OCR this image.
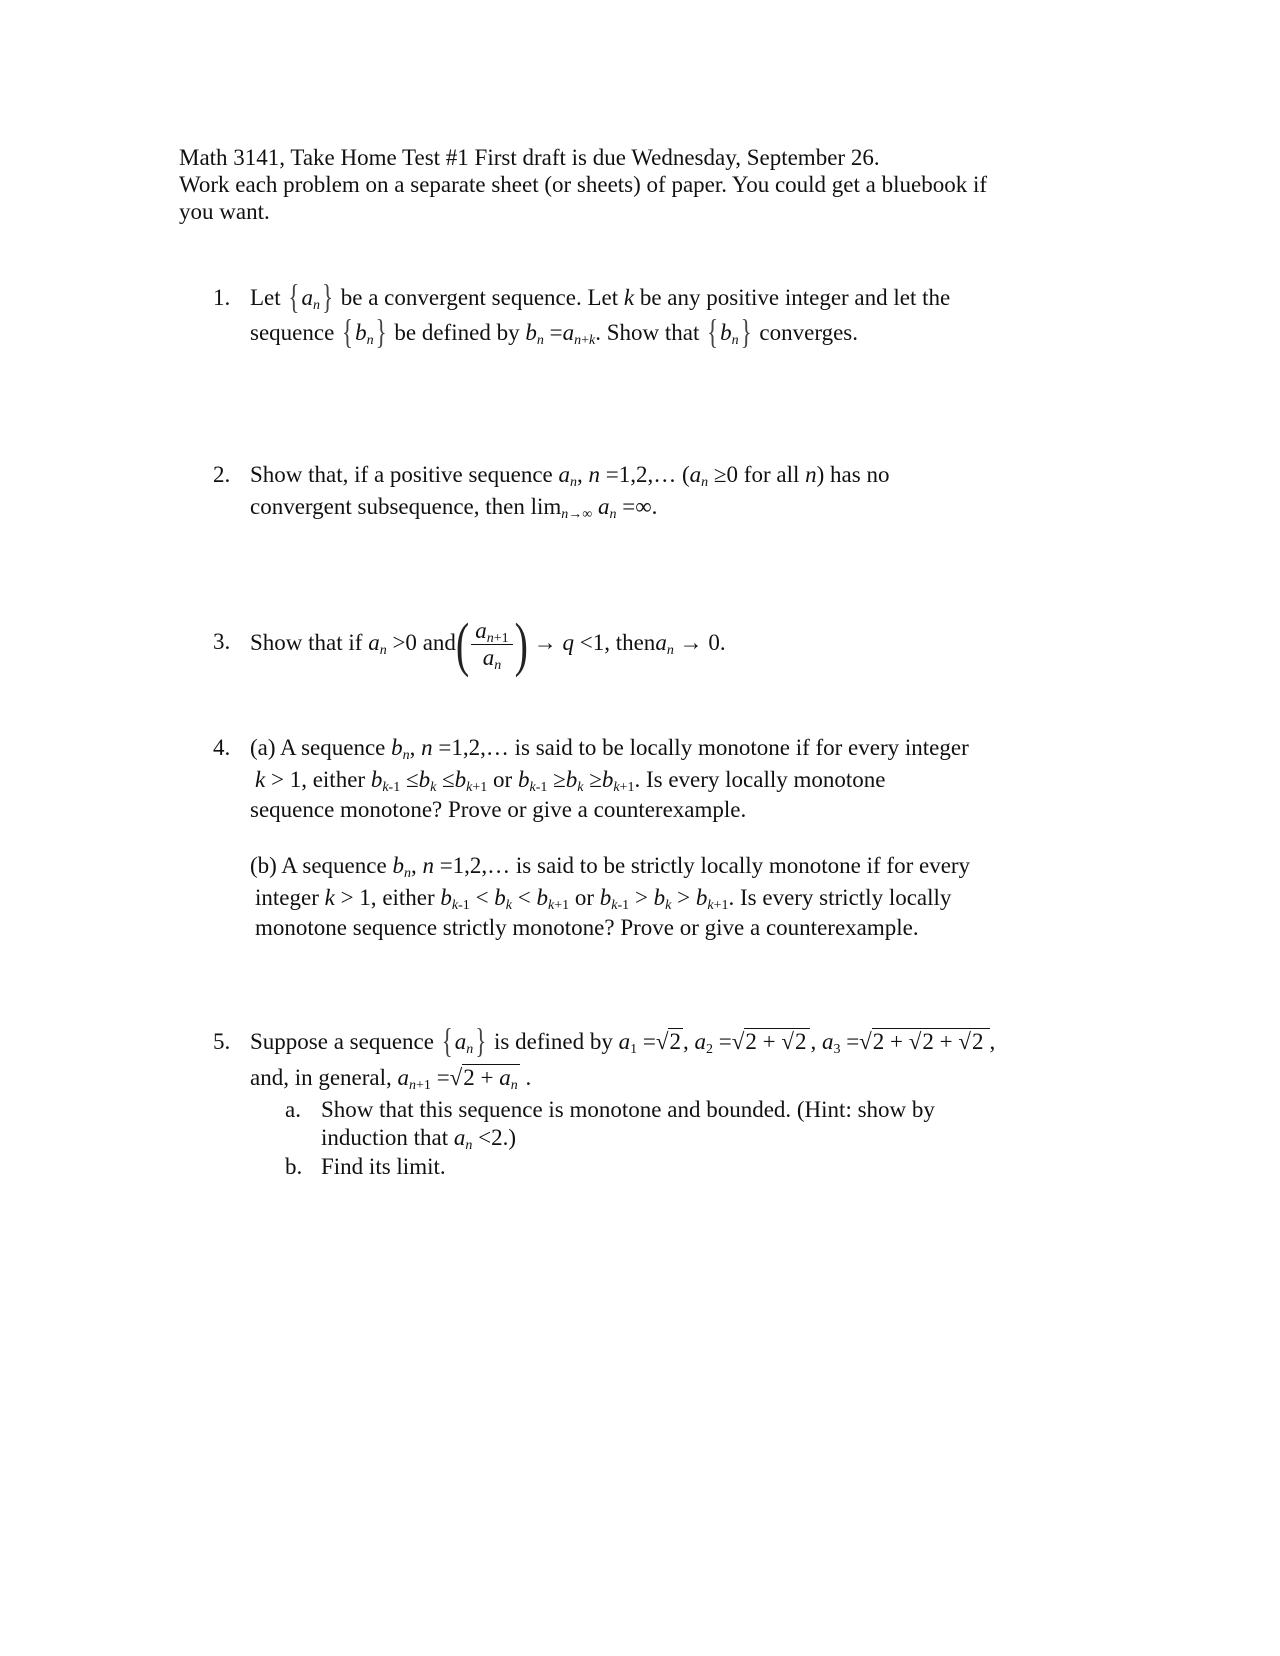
Math 3141, Take Home Test #1 First draft is due Wednesday, September 26.
Work each problem on a separate sheet (or sheets) of paper. You could get a bluebook if
you want.
1. Let $\{a_n\}$ be a convergent sequence. Let k be any positive integer and let the
sequence $\{b_n\}$ be defined by $b_n =a_{n+k}$. Show that $\{b_n\}$ converges.
2. Show that, if a positive sequence $a_n$, n =1,2,… ($a_n \ge 0$ for all n) has no
convergent subsequence, then $\lim_{n\to\infty} a_n$ =∞.
3. Show that if $a_n >0$ $and( \frac{a_{n+1}}{a_n}$ ) → q <1, thena$_n$ → 0.
4. (a) A sequence $b_n$, n =1,2,… is said to be locally monotone if for every integer
k > 1, either $b_{k-1} \le b_k \le b_{k+1}$ or $b_{k-1} \ge b_k \ge b_{k+1}$. Is every locally monotone
sequence monotone? Prove or give a counterexample.
(b) A sequence $b_n$, n =1,2,… is said to be strictly locally monotone if for every
integer k > 1, either $b_{k-1} < b_k < b_{k+1}$ or $b_{k-1} > b_k > b_{k+1}$. Is every strictly locally
monotone sequence strictly monotone? Prove or give a counterexample.
5. Suppose a sequence $\{a_n\}$ is defined by $a_1 =√2$, $a_2 =√2 + √2$ , $a_3 =√2 + √2 + √2$ ,
and, in general, $a_{n+1} =√2 + a_n$ .
a. Show that this sequence is monotone and bounded. (Hint: show by
induction that $a_n <2$.)
b. Find its limit.
